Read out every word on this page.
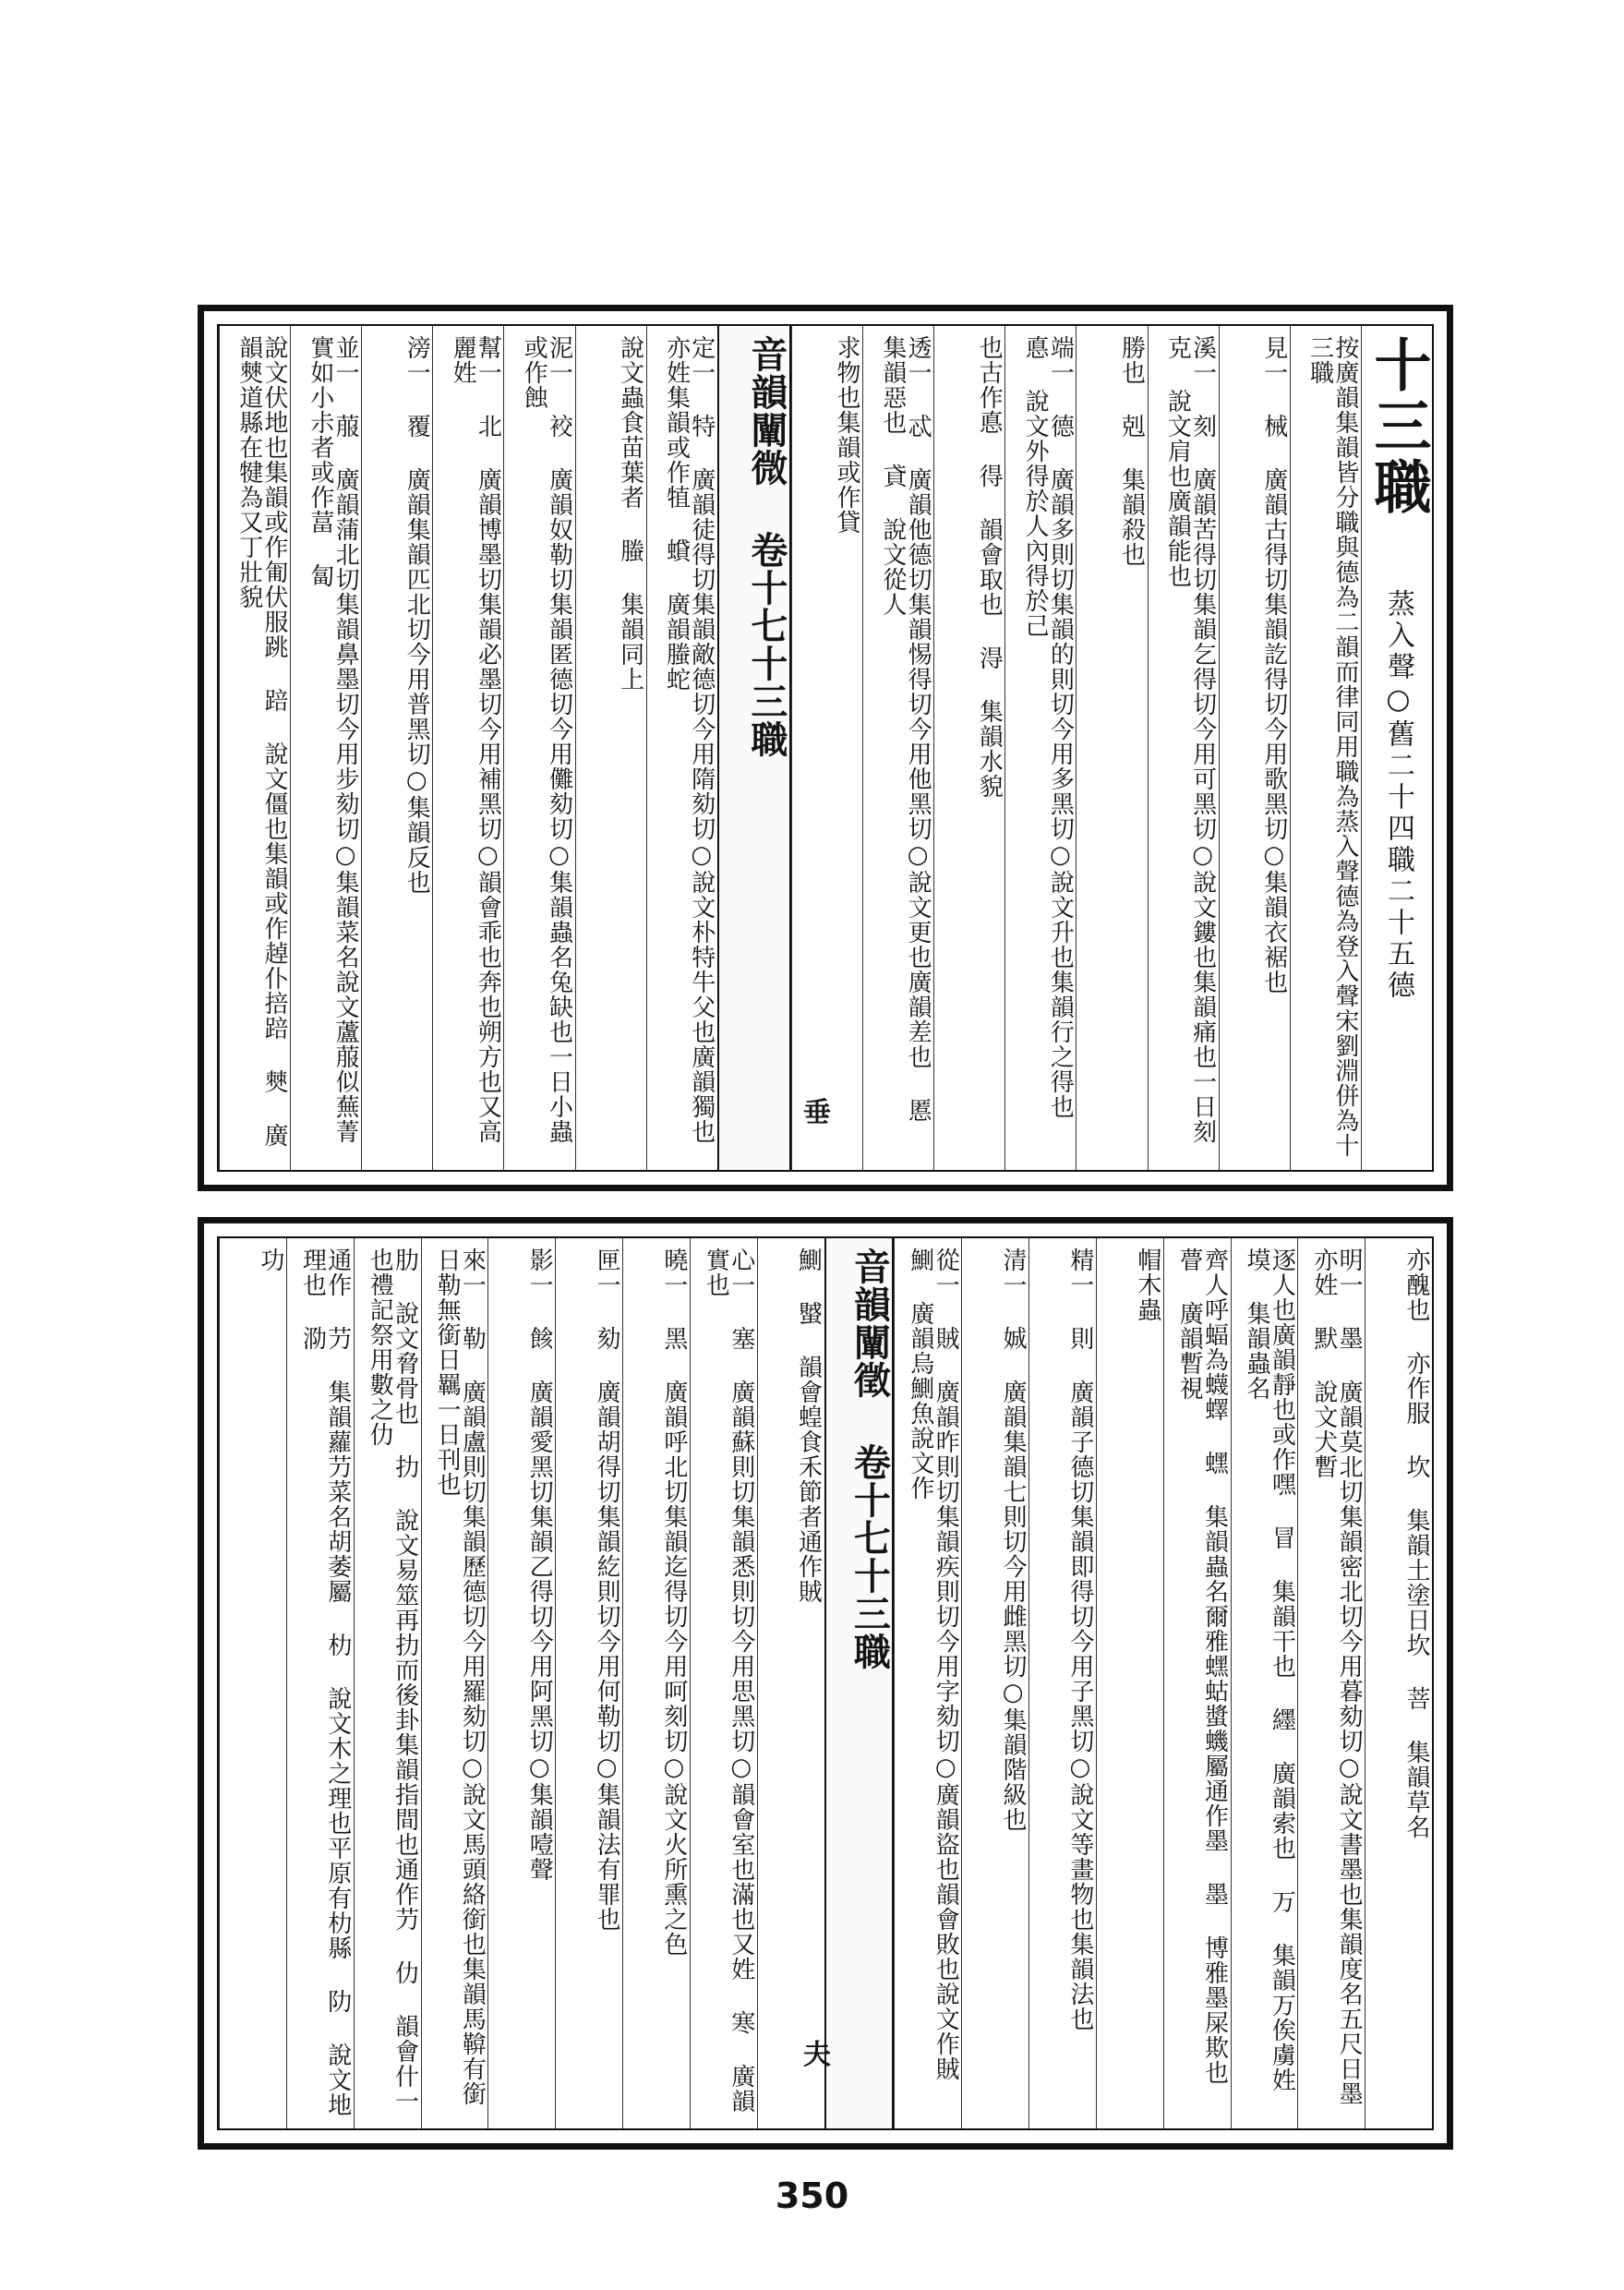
十三職 蒸入聲○舊二十四職二十五德
按廣韻集韻皆分職與德為二韻而律同用職為蒸入聲德為登入聲宋劉淵併為十三職
見一 械 廣韻古得切集韻訖得切今用歌黑切○集韻衣裾也
溪一 刻 廣韻苦得切集韻乞得切今用可黑切○說文鏤也集韻痛也一日刻 克 說文肩也廣韻能也
勝也 剋 集韻殺也
端一 德 廣韻多則切集韻的則切今用多黑切○說文升也集韻行之得也 悳 說文外得於人內得於己
也古作悳 得 韻會取也 淂 集韻水貌
透一 忒 廣韻他德切集韻惕得切今用他黑切○說文更也廣韻差也 慝 集韻惡也 貣 說文從人
求物也集韻或作貸
音韻闡微 卷十七十三職
定一 特 廣韻徒得切集韻敵德切今用隋劾切○說文朴特牛父也廣韻獨也亦姓集韻或作犆 蟘 廣韻螣蛇
說文蟲食苗葉者 螣 集韻同上
泥一 䘨 廣韻奴勒切集韻匿德切今用儺劾切○集韻蟲名兔缺也一日小蟲或作蝕
幫一 北 廣韻博墨切集韻必墨切今用補黑切○韻會乖也奔也朔方也又高麗姓
滂一 覆 廣韻集韻匹北切今用普黑切○集韻反也
並一 菔 廣韻蒲北切集韻鼻墨切今用步劾切○集韻菜名說文蘆菔似蕪菁實如小尗者或作葍 匐
說文伏地也集韻或作匍伏服跳 踣 說文僵也集韻或作趠仆掊踣 僰 廣韻僰道縣在犍為又丁壯貌
亦醜也 亦作服 坎 集韻土塗日坎 菩 集韻草名
明一 墨 廣韻莫北切集韻密北切今用暮劾切○說文書墨也集韻度名五尺日墨亦姓 默 說文犬暫
逐人也廣韻靜也或作嘿 冒 集韻干也 纆 廣韻索也 万 集韻万俟虜姓 塻 集韻蟲名
齊人呼蝠為蠛蠌 蟔 集韻蟲名爾雅蟔蛄螿蟣屬通作墨 墨 博雅墨屎欺也 瞢 廣韻暫視
帽木蟲
精一 則 廣韻子德切集韻即得切今用子黑切○說文等畫物也集韻法也
清一 娍 廣韻集韻七則切今用雌黑切○集韻階級也
從一 賊 廣韻昨則切集韻疾則切今用字劾切○廣韻盜也韻會敗也說文作賊 鰂 廣韻烏鰂魚說文作
音韻闡徵 卷十七十三職
鰂 蠈 韻會蝗食禾節者通作賊
心一 塞 廣韻蘇則切集韻悉則切今用思黑切○韻會室也滿也又姓 寒 廣韻實也
曉一 黑 廣韻呼北切集韻迄得切今用呵刻切○說文火所熏之色
匣一 劾 廣韻胡得切集韻紇則切今用何勒切○集韻法有罪也
影一 餩 廣韻愛黑切集韻乙得切今用阿黑切○集韻噎聲
來一 勒 廣韻盧則切集韻歷德切今用羅劾切○說文馬頭絡銜也集韻馬鞥有銜日勒無銜日羈一日刊也
肋 說文脅骨也 扐 說文易筮再扐而後卦集韻指間也通作芀 仂 韻會什一也禮記祭用數之仂
通作 芀 集韻蘿芀菜名胡萎屬 朸 說文木之理也平原有朸縣 阞 說文地理也 泐
功
垂
夫
350
